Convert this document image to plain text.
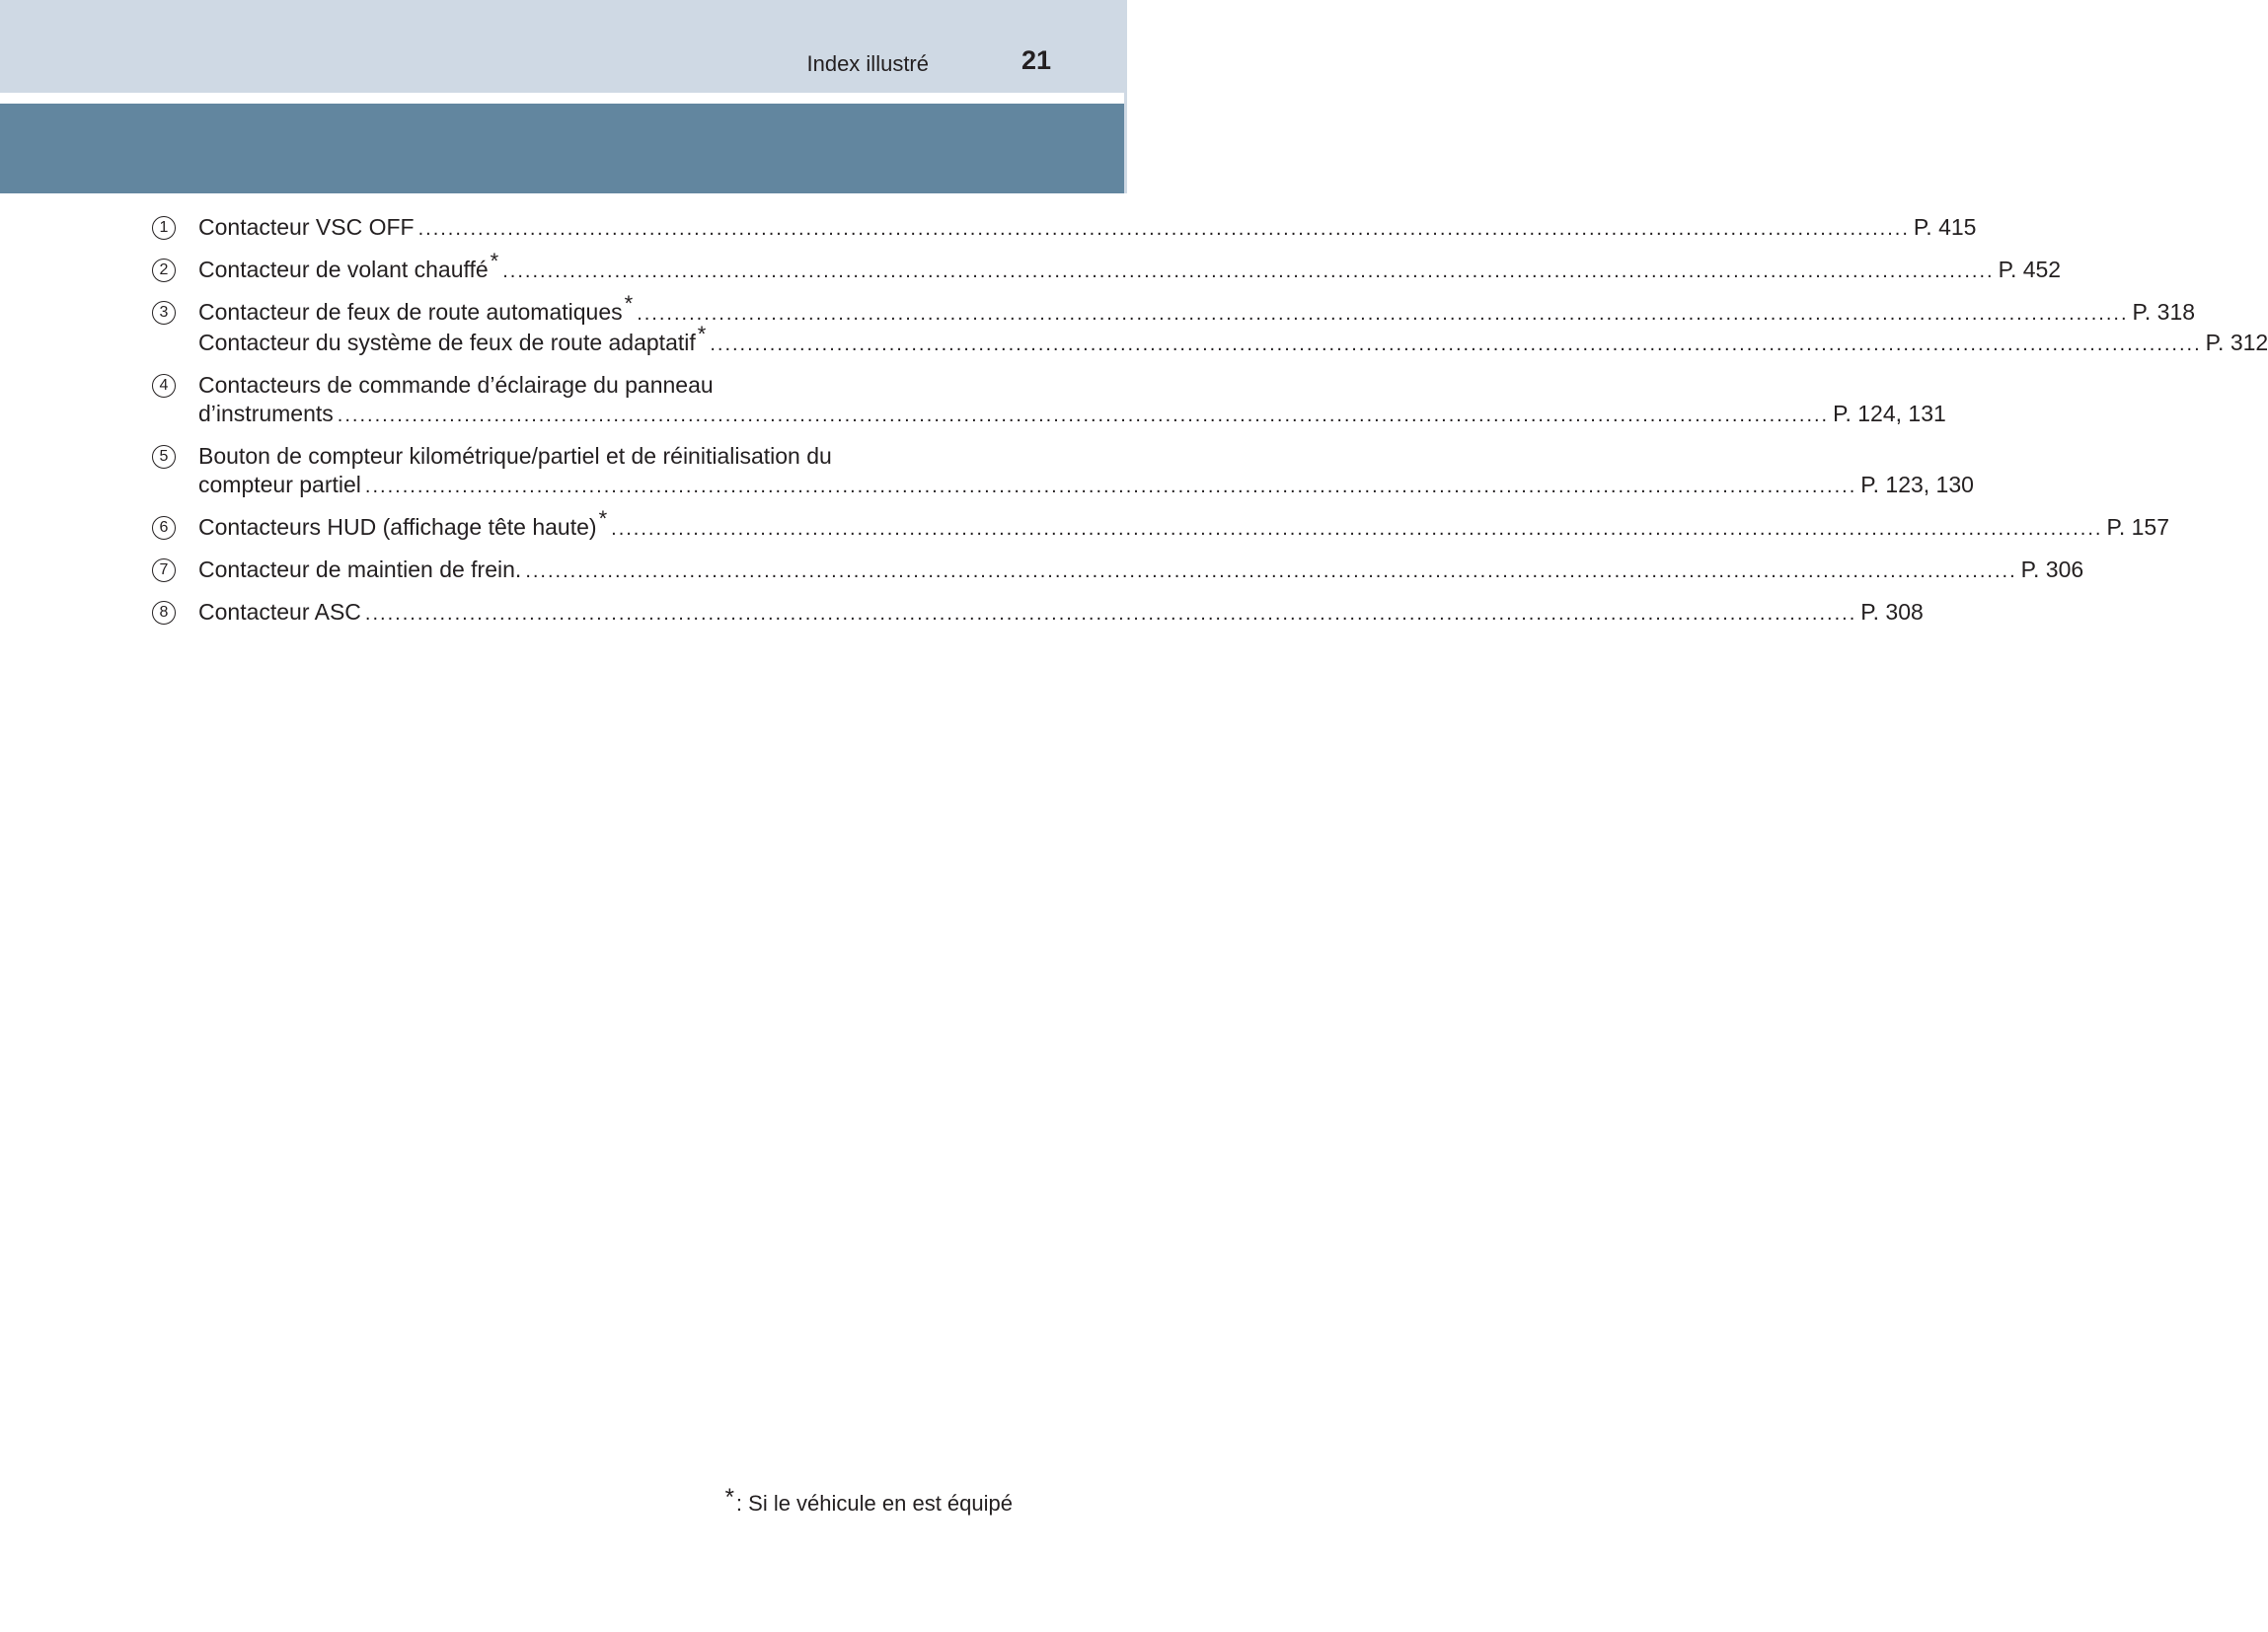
Index illustré	21
1	Contacteur VSC OFF ........................................................................................................................................................................................................ P. 415
2	Contacteur de volant chauffé* ........................................................................................................................................................................................................ P. 452
3	Contacteur de feux de route automatiques* ........................................................................................................................................................................................................ P. 318
Contacteur du système de feux de route adaptatif* ........................................................................................................................................................................................................ P. 312
4	Contacteurs de commande d’éclairage du panneau
d’instruments ........................................................................................................................................................................................................ P. 124, 131
5	Bouton de compteur kilométrique/partiel et de réinitialisation du
compteur partiel ........................................................................................................................................................................................................ P. 123, 130
6	Contacteurs HUD (affichage tête haute)* ........................................................................................................................................................................................................ P. 157
7	Contacteur de maintien de frein. ........................................................................................................................................................................................................ P. 306
8	Contacteur ASC ........................................................................................................................................................................................................ P. 308
*: Si le véhicule en est équipé
